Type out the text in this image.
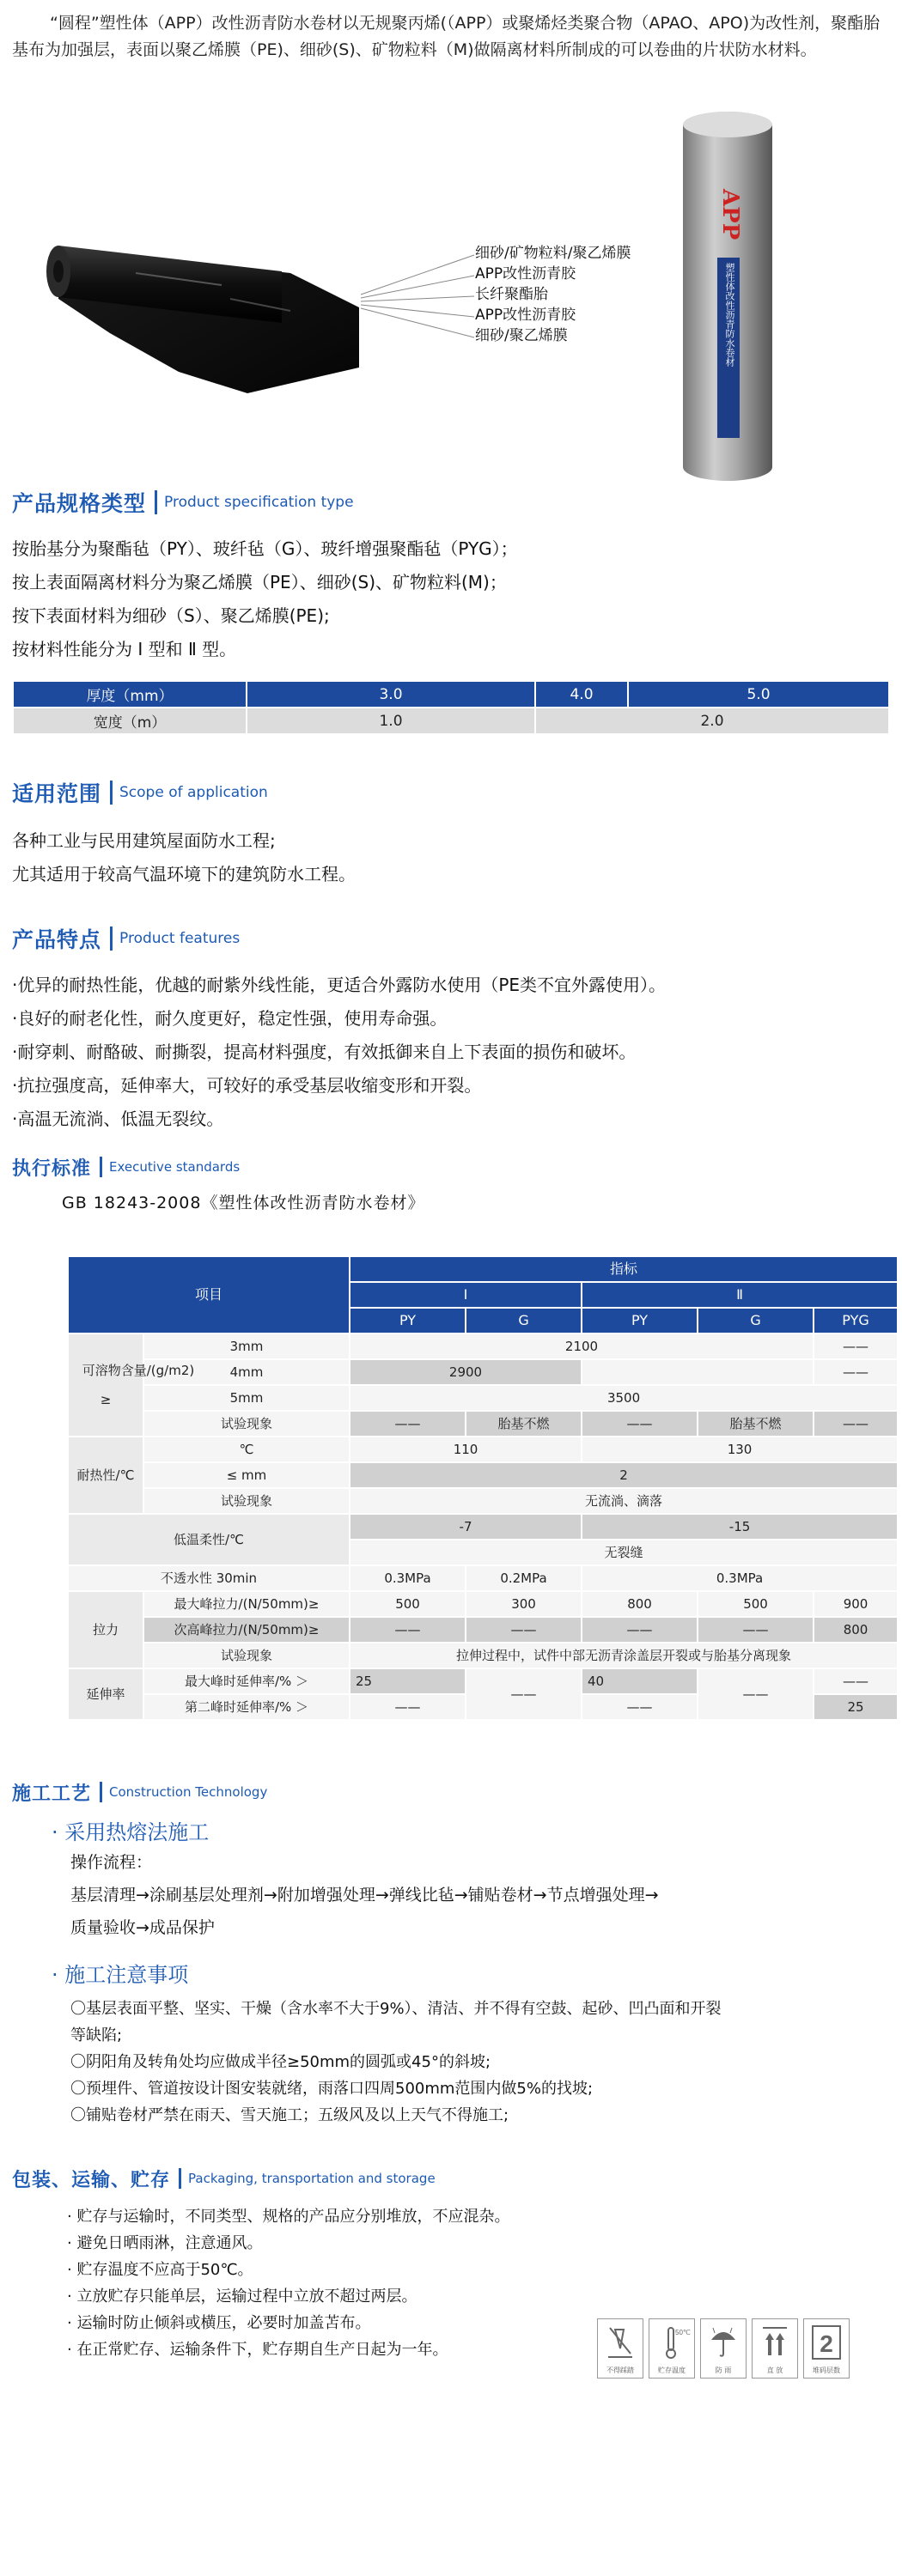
“圆程”塑性体（APP）改性沥青防水卷材以无规聚丙烯(（APP）或聚烯烃类聚合物（APAO、APO)为改性剂，聚酯胎基布为加强层，表面以聚乙烯膜（PE)、细砂(S)、矿物粒料（M)做隔离材料所制成的可以卷曲的片状防水材料。

细砂/矿物粒料/聚乙烯膜
APP改性沥青胶
长纤聚酯胎
APP改性沥青胶
细砂/聚乙烯膜
APP
塑性体改性沥青防水卷材
产品规格类型 Product specification type
按胎基分为聚酯毡（PY）、玻纤毡（G）、玻纤增强聚酯毡（PYG）；
按上表面隔离材料分为聚乙烯膜（PE）、细砂(S)、矿物粒料(M)；
按下表面材料为细砂（S）、聚乙烯膜(PE);
按材料性能分为 Ⅰ 型和 Ⅱ 型。
厚度（mm）	3.0	4.0	5.0
宽度（m）	1.0	2.0	
适用范围 Scope of application
各种工业与民用建筑屋面防水工程;
尤其适用于较高气温环境下的建筑防水工程。
产品特点 Product features
·优异的耐热性能，优越的耐紫外线性能，更适合外露防水使用（PE类不宜外露使用）。
·良好的耐老化性，耐久度更好，稳定性强，使用寿命强。
·耐穿刺、耐酪破、耐撕裂，提高材料强度，有效抵御来自上下表面的损伤和破坏。
·抗拉强度高，延伸率大，可较好的承受基层收缩变形和开裂。
·高温无流淌、低温无裂纹。
执行标准 Executive standards
GB 18243-2008《塑性体改性沥青防水卷材》
项目		指标				
		Ⅰ		Ⅱ		
		PY	G	PY	G	PYG

可溶物含量/(g/m2)
≥	3mm	2100				——
	4mm	2900				——
	5mm	3500				
	试验现象	——	胎基不燃	——	胎基不燃	——
耐热性/℃	℃	110		130		
	≤ mm	2				
	试验现象	无流淌、滴落				
低温柔性/℃		-7		-15		
		无裂缝				
不透水性 30min		0.3MPa	0.2MPa	0.3MPa		
拉力	最大峰拉力/(N/50mm)≥	500	300	800	500	900
	次高峰拉力/(N/50mm)≥	——	——	——	——	800
	试验现象	拉伸过程中，试件中部无沥青涂盖层开裂或与胎基分离现象				
延伸率	最大峰时延伸率/% ＞	25	——	40	——	——
	第二峰时延伸率/% ＞	——		——		25
施工工艺 Construction Technology
· 采用热熔法施工
操作流程：
基层清理→涂刷基层处理剂→附加增强处理→弹线比毡→铺贴卷材→节点增强处理→
质量验收→成品保护
· 施工注意事项
〇基层表面平整、坚实、干燥（含水率不大于9%）、清洁、并不得有空鼓、起砂、凹凸面和开裂
等缺陷;
〇阴阳角及转角处均应做成半径≥50mm的圆弧或45°的斜坡;
〇预埋件、管道按设计图安装就绪，雨落口四周500mm范围内做5%的找坡;
〇铺贴卷材严禁在雨天、雪天施工；五级风及以上天气不得施工;
包装、运输、贮存 Packaging, transportation and storage
· 贮存与运输时，不同类型、规格的产品应分别堆放，不应混杂。
· 避免日晒雨淋，注意通风。
· 贮存温度不应高于50℃。
· 立放贮存只能单层，运输过程中立放不超过两层。
· 运输时防止倾斜或横压，必要时加盖苫布。
· 在正常贮存、运输条件下，贮存期自生产日起为一年。
不得踩踏
50℃
贮存温度	防 雨	直 放
2
堆码层数
